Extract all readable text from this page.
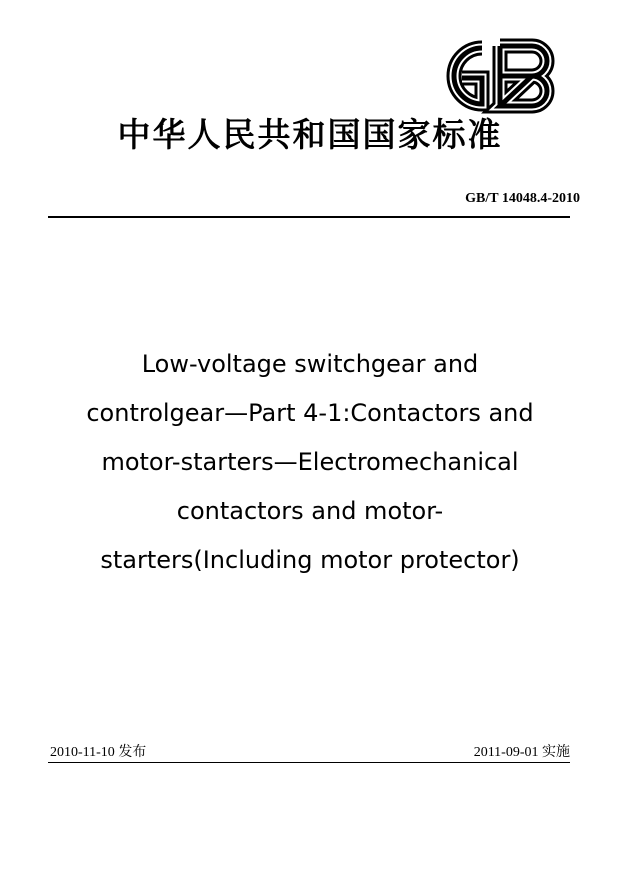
中华人民共和国国家标准
GB/T 14048.4-2010
Low-voltage switchgear and
controlgear—Part 4-1:Contactors and
motor-starters—Electromechanical
contactors and motor-
starters(Including motor protector)
2010-11-10 发布	2011-09-01 实施
